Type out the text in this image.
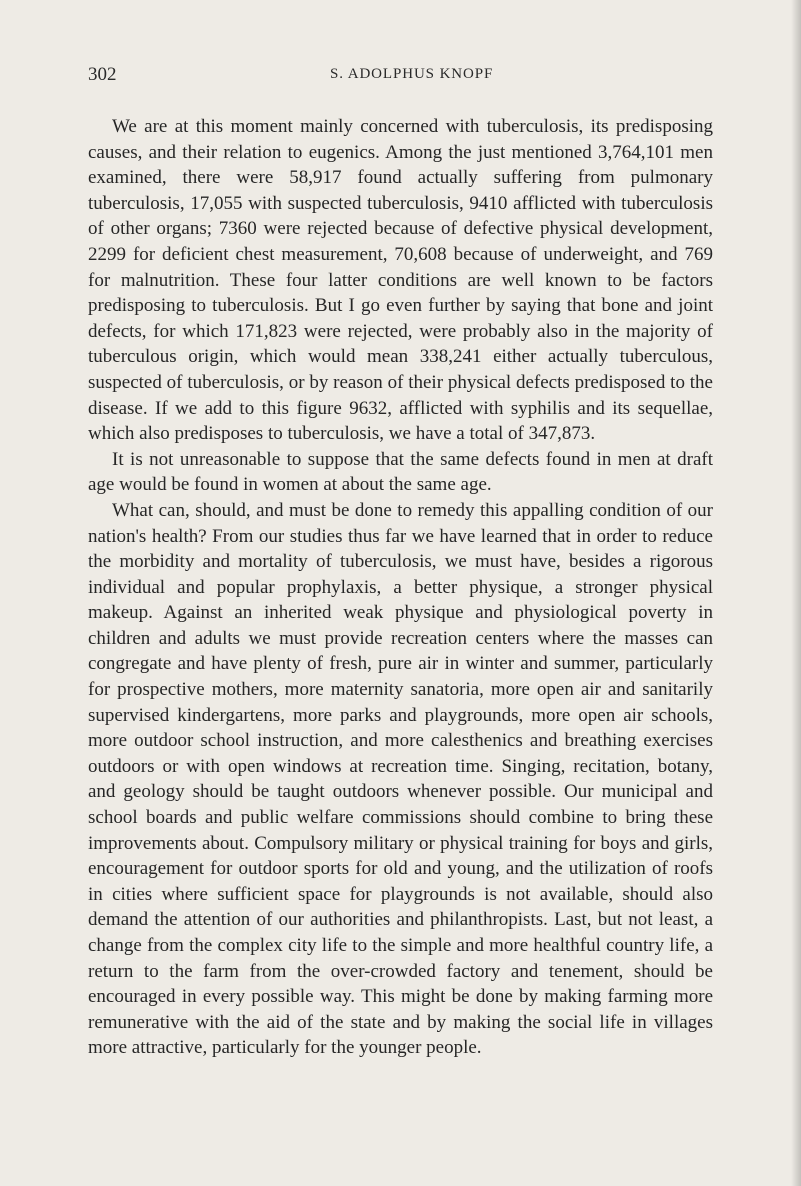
302	S. ADOLPHUS KNOPF

We are at this moment mainly concerned with tuberculosis, its predisposing causes, and their relation to eugenics. Among the just mentioned 3,764,101 men examined, there were 58,917 found actually suffering from pulmonary tuberculosis, 17,055 with suspected tuberculosis, 9410 afflicted with tuberculosis of other organs; 7360 were rejected because of defective physical development, 2299 for deficient chest measurement, 70,608 because of underweight, and 769 for malnutrition. These four latter conditions are well known to be factors predisposing to tuberculosis. But I go even further by saying that bone and joint defects, for which 171,823 were rejected, were probably also in the majority of tuberculous origin, which would mean 338,241 either actually tuberculous, suspected of tuberculosis, or by reason of their physical defects predisposed to the disease. If we add to this figure 9632, afflicted with syphilis and its sequellae, which also predisposes to tuberculosis, we have a total of 347,873.

It is not unreasonable to suppose that the same defects found in men at draft age would be found in women at about the same age.

What can, should, and must be done to remedy this appalling condition of our nation's health? From our studies thus far we have learned that in order to reduce the morbidity and mortality of tuberculosis, we must have, besides a rigorous individual and popular prophylaxis, a better physique, a stronger physical makeup. Against an inherited weak physique and physiological poverty in children and adults we must provide recreation centers where the masses can congregate and have plenty of fresh, pure air in winter and summer, particularly for prospective mothers, more maternity sanatoria, more open air and sanitarily supervised kindergartens, more parks and playgrounds, more open air schools, more outdoor school instruction, and more calesthenics and breathing exercises outdoors or with open windows at recreation time. Singing, recitation, botany, and geology should be taught outdoors whenever possible. Our municipal and school boards and public welfare commissions should combine to bring these improvements about. Compulsory military or physical training for boys and girls, encouragement for outdoor sports for old and young, and the utilization of roofs in cities where sufficient space for playgrounds is not available, should also demand the attention of our authorities and philanthropists. Last, but not least, a change from the complex city life to the simple and more healthful country life, a return to the farm from the over-crowded factory and tenement, should be encouraged in every possible way. This might be done by making farming more remunerative with the aid of the state and by making the social life in villages more attractive, particularly for the younger people.
